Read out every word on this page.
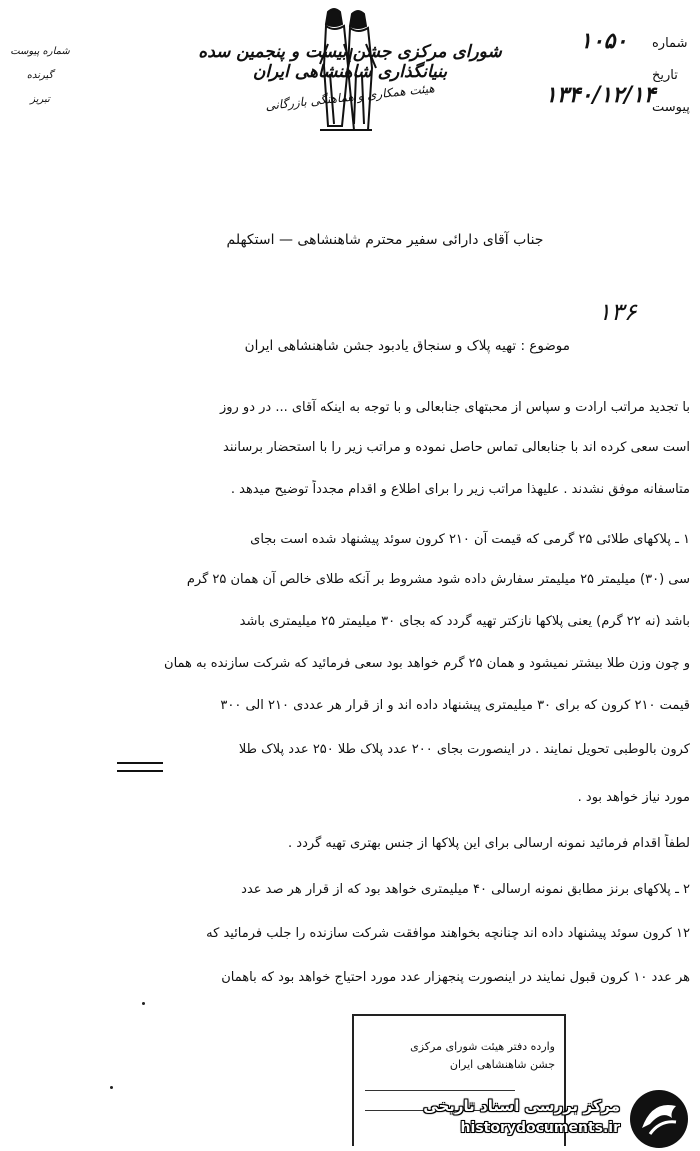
شورای مرکزی جشن بیست و پنجمین سده بنیانگذاری شاهنشاهی ایران
هیئت همکاری و هماهنگی بازرگانی
شماره پیوست
گیرنده
تبریز
شماره
تاریخ
پیوست
۱۰۵۰
۱۳۴۰/۱۲/۱۴
جناب آقای دارائی سفیر محترم شاهنشاهی — استکهلم
۱۳۶
موضوع : تهیه پلاک و سنجاق یادبود جشن شاهنشاهی ایران
با تجدید مراتب ارادت و سپاس از محبتهای جنابعالی و با توجه به اینکه آقای ... در دو روز
است سعی کرده اند با جنابعالی تماس حاصل نموده و مراتب زیر را با استحضار برسانند
متاسفانه موفق نشدند . علیهذا مراتب زیر را برای اطلاع و اقدام مجدداً توضیح میدهد .
۱ ـ پلاکهای طلائی ۲۵ گرمی که قیمت آن ۲۱۰ کرون سوئد پیشنهاد شده است بجای
سی (۳۰) میلیمتر ۲۵ میلیمتر سفارش داده شود مشروط بر آنکه طلای خالص آن همان ۲۵ گرم
باشد (نه ۲۲ گرم) یعنی پلاکها نازکتر تهیه گردد که بجای ۳۰ میلیمتر ۲۵ میلیمتری باشد
و چون وزن طلا بیشتر نمیشود و همان ۲۵ گرم خواهد بود سعی فرمائید که شرکت سازنده به همان
قیمت ۲۱۰ کرون که برای ۳۰ میلیمتری پیشنهاد داده اند و از قرار هر عددی ۲۱۰ الی ۳۰۰
کرون بالوطبی تحویل نمایند . در اینصورت بجای ۲۰۰ عدد پلاک طلا ۲۵۰ عدد پلاک طلا
مورد نیاز خواهد بود .
لطفاً اقدام فرمائید نمونه ارسالی برای این پلاکها از جنس بهتری تهیه گردد .
۲ ـ پلاکهای برنز مطابق نمونه ارسالی ۴۰ میلیمتری خواهد بود که از قرار هر صد عدد
۱۲ کرون سوئد پیشنهاد داده اند چنانچه بخواهند موافقت شرکت سازنده را جلب فرمائید که
هر عدد ۱۰ کرون قبول نمایند در اینصورت پنجهزار عدد مورد احتیاج خواهد بود که باهمان
وارده دفتر هیئت شورای مرکزی
جشن شاهنشاهی ایران
مرکز بررسی اسناد تاریخی
historydocuments.ir
